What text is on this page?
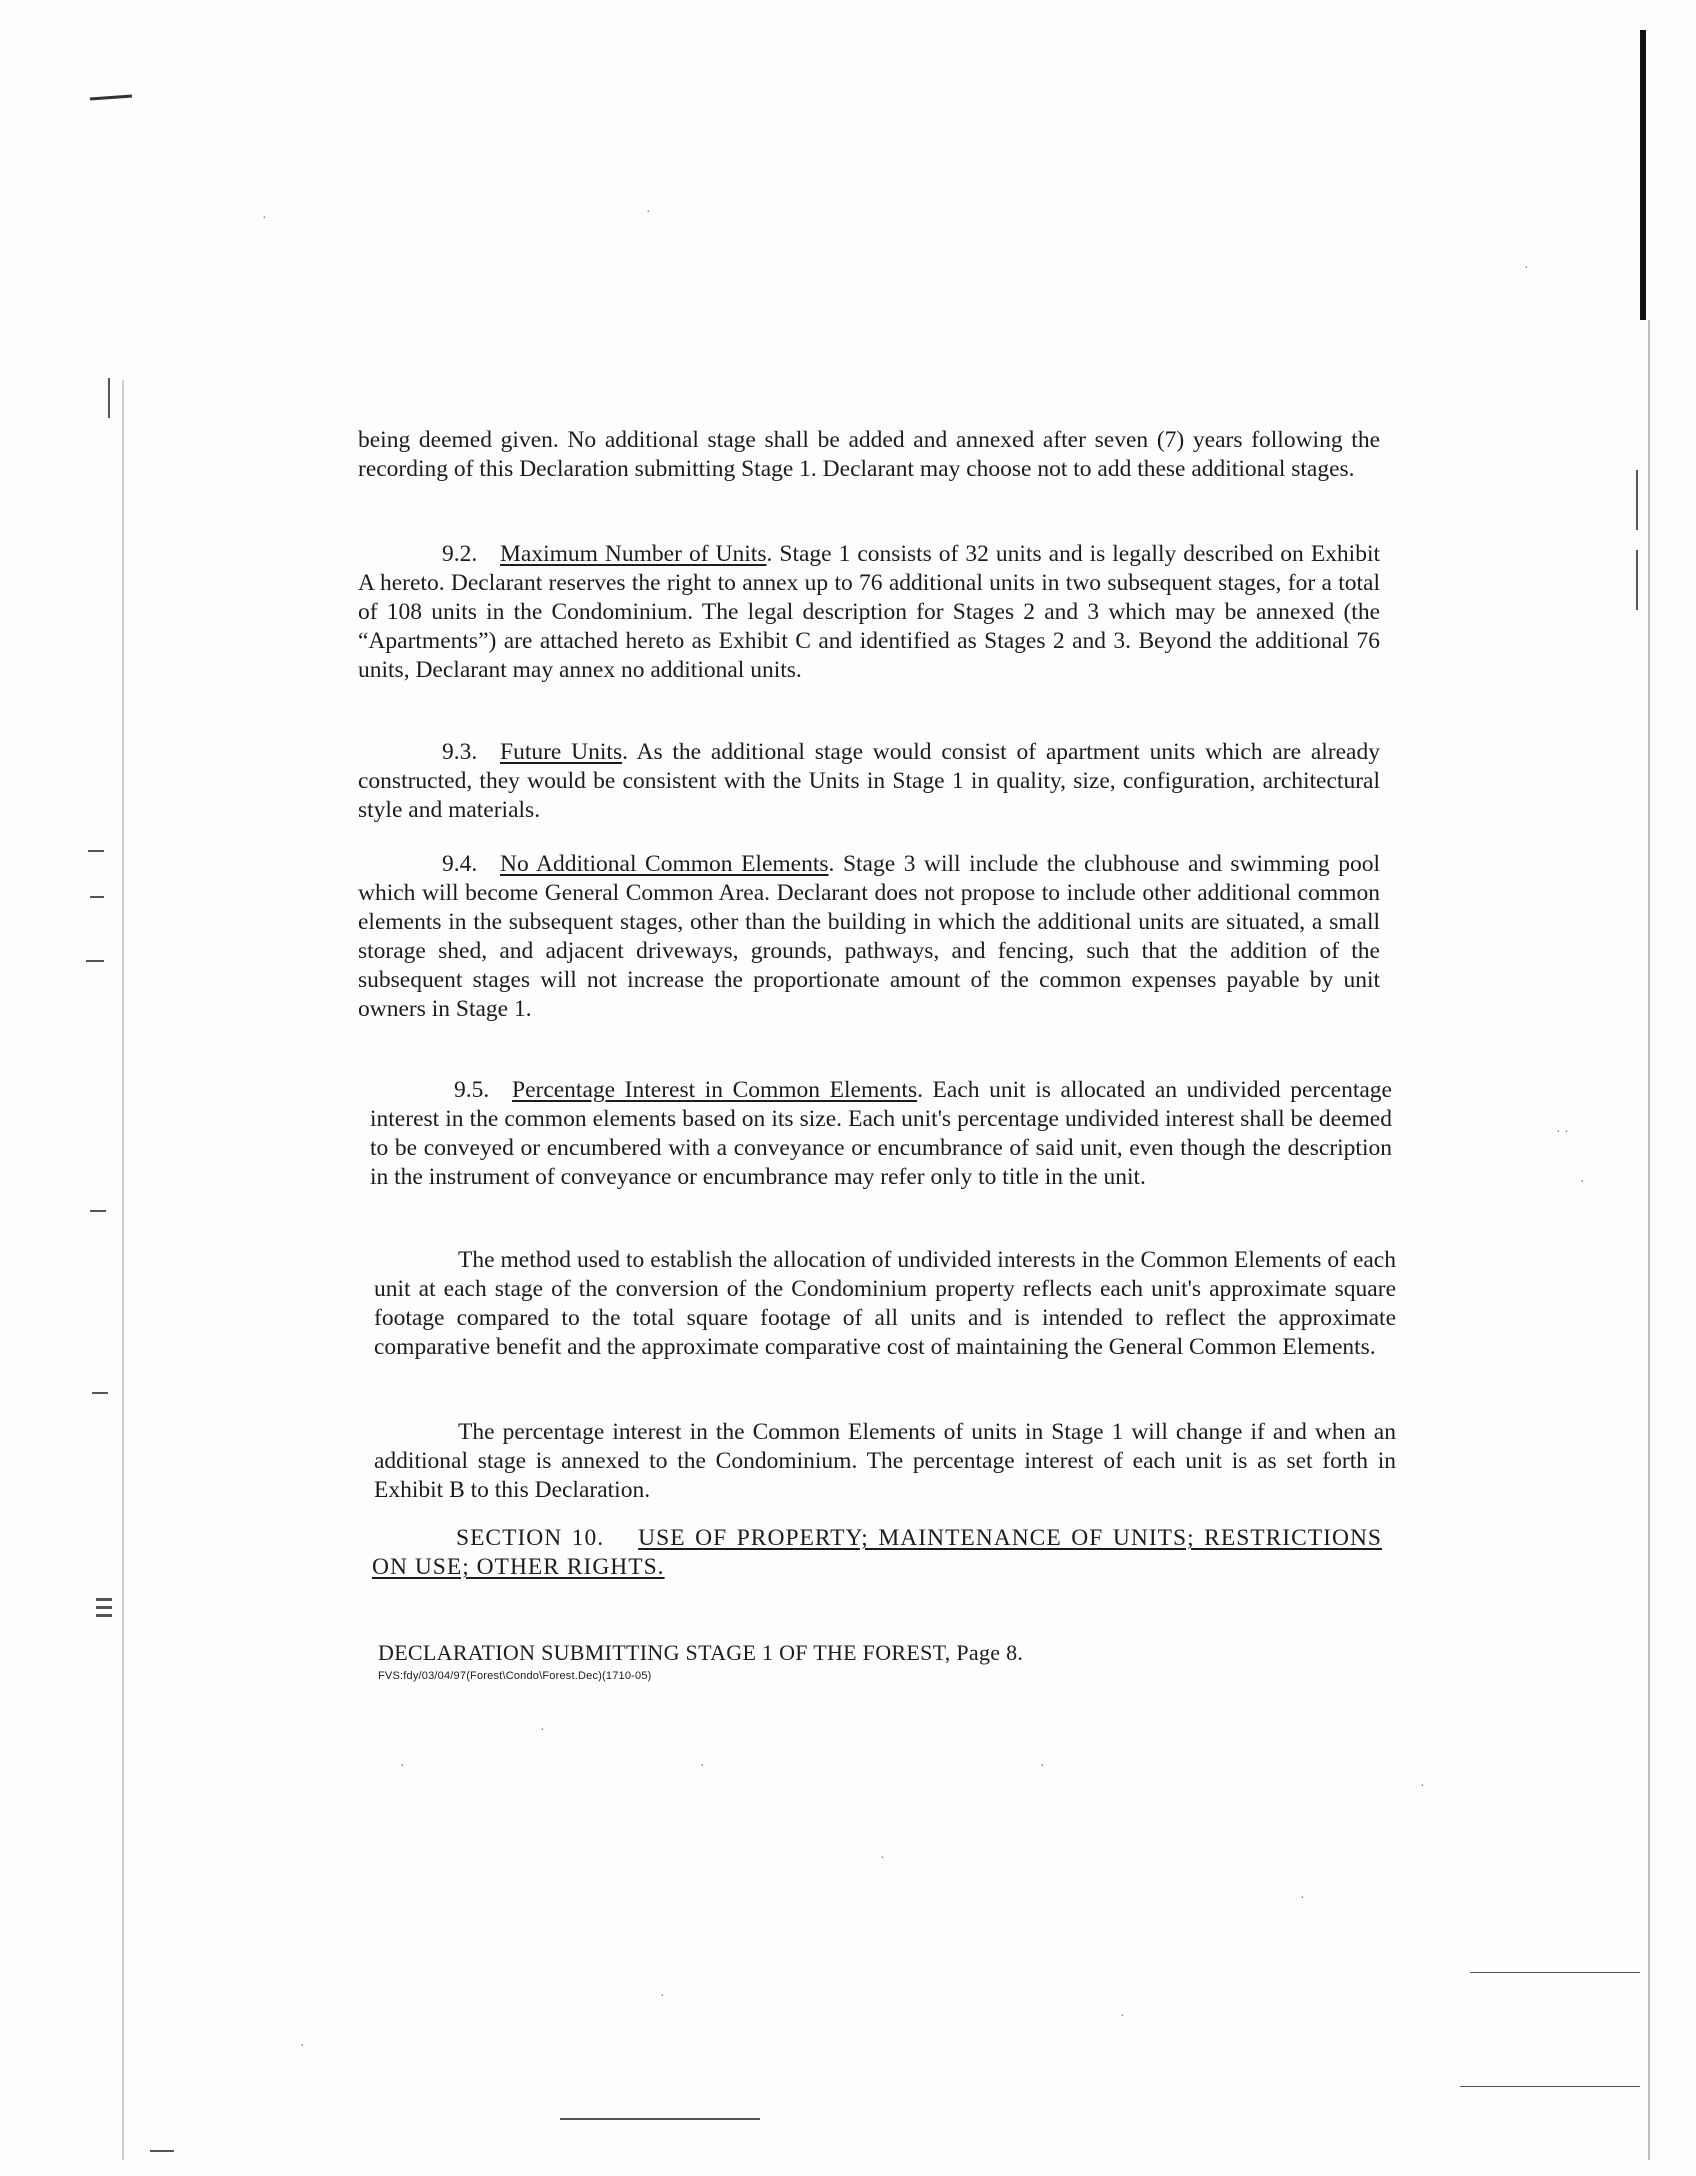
·	·
·
· ·
·
·
·
·
·
·
·
·
·
·
·

being deemed given. No additional stage shall be added and annexed after seven (7) years following the recording of this Declaration submitting Stage 1. Declarant may choose not to add these additional stages.

9.2. Maximum Number of Units. Stage 1 consists of 32 units and is legally described on Exhibit A hereto. Declarant reserves the right to annex up to 76 additional units in two subsequent stages, for a total of 108 units in the Condominium. The legal description for Stages 2 and 3 which may be annexed (the “Apartments”) are attached hereto as Exhibit C and identified as Stages 2 and 3. Beyond the additional 76 units, Declarant may annex no additional units.

9.3. Future Units. As the additional stage would consist of apartment units which are already constructed, they would be consistent with the Units in Stage 1 in quality, size, configuration, architectural style and materials.

9.4. No Additional Common Elements. Stage 3 will include the clubhouse and swimming pool which will become General Common Area. Declarant does not propose to include other additional common elements in the subsequent stages, other than the building in which the additional units are situated, a small storage shed, and adjacent driveways, grounds, pathways, and fencing, such that the addition of the subsequent stages will not increase the proportionate amount of the common expenses payable by unit owners in Stage 1.

9.5. Percentage Interest in Common Elements. Each unit is allocated an undivided percentage interest in the common elements based on its size. Each unit's percentage undivided interest shall be deemed to be conveyed or encumbered with a conveyance or encumbrance of said unit, even though the description in the instrument of conveyance or encumbrance may refer only to title in the unit.

The method used to establish the allocation of undivided interests in the Common Elements of each unit at each stage of the conversion of the Condominium property reflects each unit's approximate square footage compared to the total square footage of all units and is intended to reflect the approximate comparative benefit and the approximate comparative cost of maintaining the General Common Elements.

The percentage interest in the Common Elements of units in Stage 1 will change if and when an additional stage is annexed to the Condominium. The percentage interest of each unit is as set forth in Exhibit B to this Declaration.

SECTION 10. USE OF PROPERTY; MAINTENANCE OF UNITS; RESTRICTIONS ON USE; OTHER RIGHTS.
DECLARATION SUBMITTING STAGE 1 OF THE FOREST, Page 8.
FVS:fdy/03/04/97(Forest\Condo\Forest.Dec)(1710-05)
